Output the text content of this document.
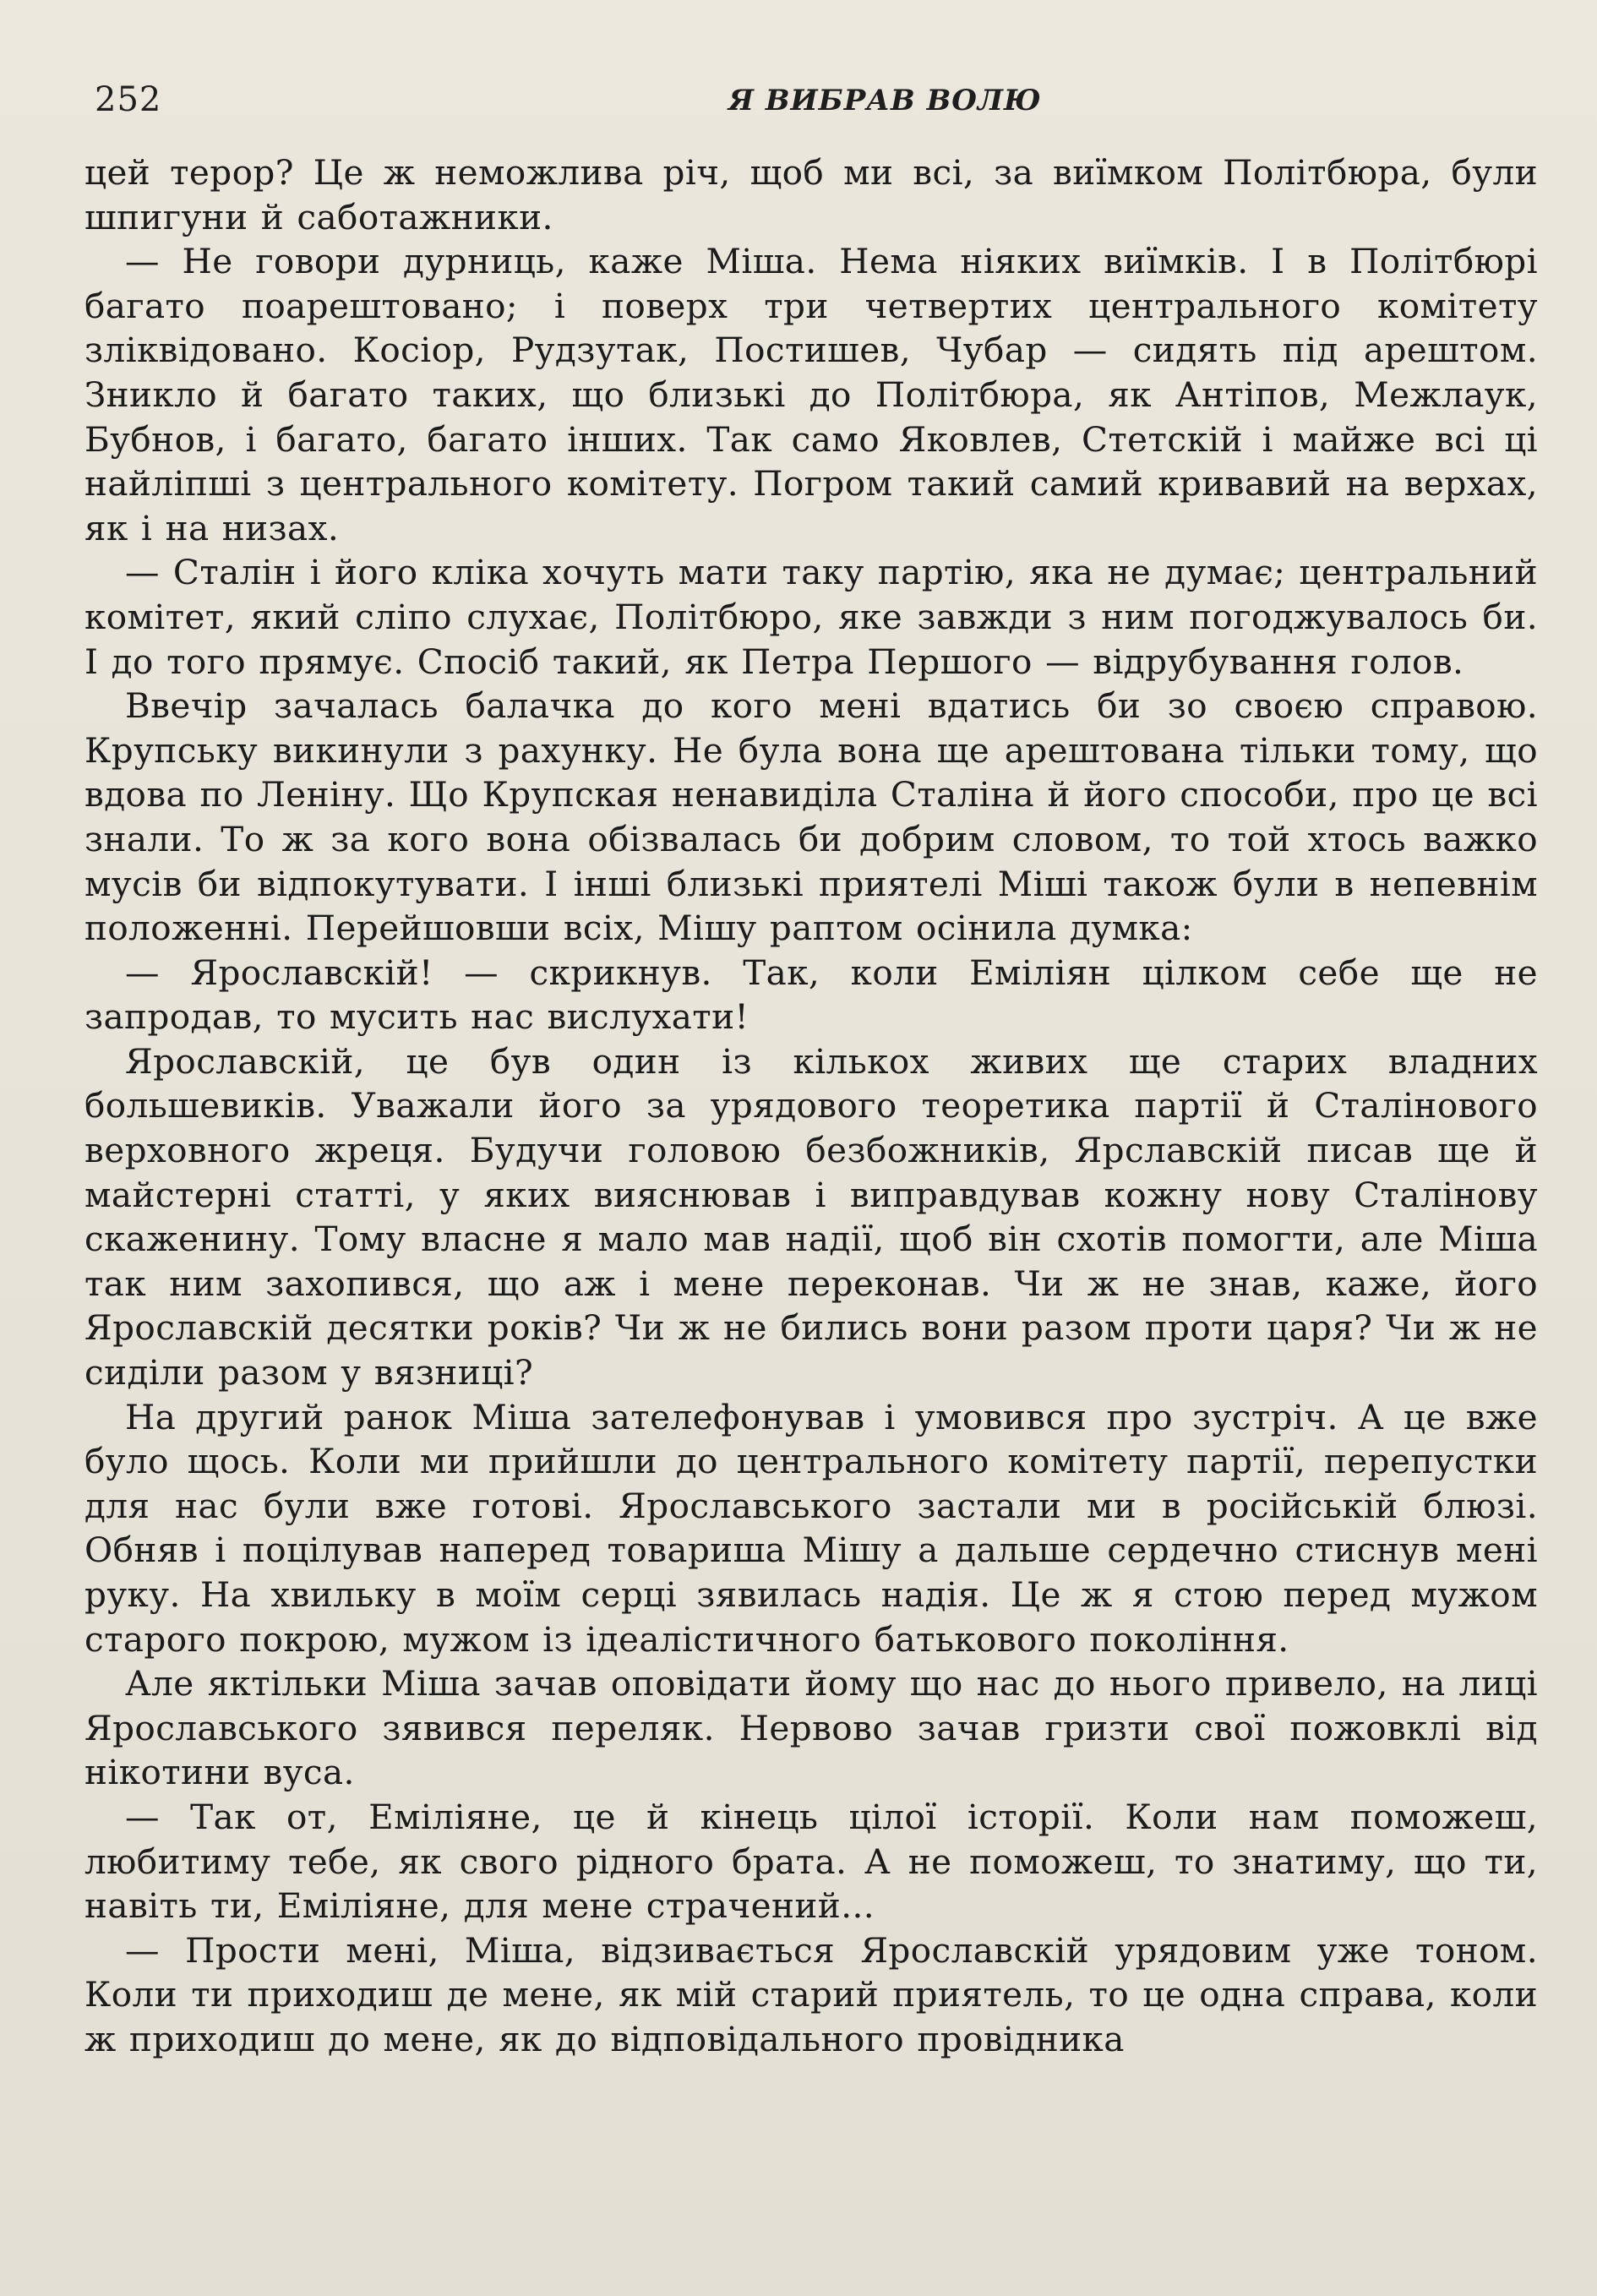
252	Я ВИБРАВ ВОЛЮ

цей терор? Це ж неможлива річ, щоб ми всі, за виїмком Політбюра, були шпигуни й саботажники.

— Не говори дурниць, каже Міша. Нема ніяких виїмків. І в Політбюрі багато поарештовано; і поверх три четвертих центрального комітету зліквідовано. Косіор, Рудзутак, Постишев, Чубар — сидять під арештом. Зникло й багато таких, що близькі до Політбюра, як Антіпов, Межлаук, Бубнов, і багато, багато інших. Так само Яковлев, Стетскій і майже всі ці найліпші з центрального комітету. Погром такий самий кривавий на верхах, як і на низах.

— Сталін і його кліка хочуть мати таку партію, яка не думає; центральний комітет, який сліпо слухає, Політбюро, яке завжди з ним погоджувалось би. І до того прямує. Спосіб такий, як Петра Першого — відрубування голов.

Ввечір зачалась балачка до кого мені вдатись би зо своєю справою. Крупську викинули з рахунку. Не була вона ще арештована тільки тому, що вдова по Леніну. Що Крупская ненавиділа Сталіна й його способи, про це всі знали. То ж за кого вона обізвалась би добрим словом, то той хтось важко мусів би відпокутувати. І інші близькі приятелі Міші також були в непевнім положенні. Перейшовши всіх, Мішу раптом осінила думка:

— Ярославскій! — скрикнув. Так, коли Еміліян цілком себе ще не запродав, то мусить нас вислухати!

Ярославскій, це був один із кількох живих ще старих владних большевиків. Уважали його за урядового теоретика партії й Сталінового верховного жреця. Будучи головою безбожників, Ярславскій писав ще й майстерні статті, у яких вияснював і виправдував кожну нову Сталінову скаженину. Тому власне я мало мав надії, щоб він схотів помогти, але Міша так ним захопився, що аж і мене переконав. Чи ж не знав, каже, його Ярославскій десятки років? Чи ж не бились вони разом проти царя? Чи ж не сиділи разом у вязниці?

На другий ранок Міша зателефонував і умовився про зустріч. А це вже було щось. Коли ми прийшли до центрального комітету партії, перепустки для нас були вже готові. Ярославського застали ми в російській блюзі. Обняв і поцілував наперед товариша Мішу а дальше сердечно стиснув мені руку. На хвильку в моїм серці зявилась надія. Це ж я стою перед мужом старого покрою, мужом із ідеалістичного батькового покоління.

Але яктільки Міша зачав оповідати йому що нас до нього привело, на лиці Ярославського зявився переляк. Нервово зачав гризти свої пожовклі від нікотини вуса.

— Так от, Еміліяне, це й кінець цілої історії. Коли нам поможеш, любитиму тебе, як свого рідного брата. А не поможеш, то знатиму, що ти, навіть ти, Еміліяне, для мене страчений...

— Прости мені, Міша, відзивається Ярославскій урядовим уже тоном. Коли ти приходиш де мене, як мій старий приятель, то це одна справа, коли ж приходиш до мене, як до відповідального провідника
